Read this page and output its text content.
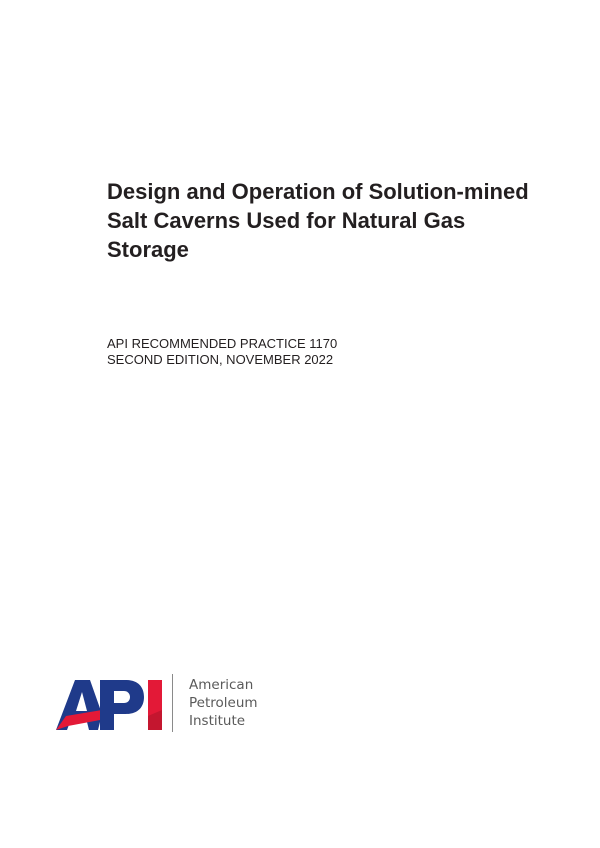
Design and Operation of Solution-mined
Salt Caverns Used for Natural Gas
Storage
API RECOMMENDED PRACTICE 1170
SECOND EDITION, NOVEMBER 2022
American
Petroleum
Institute
